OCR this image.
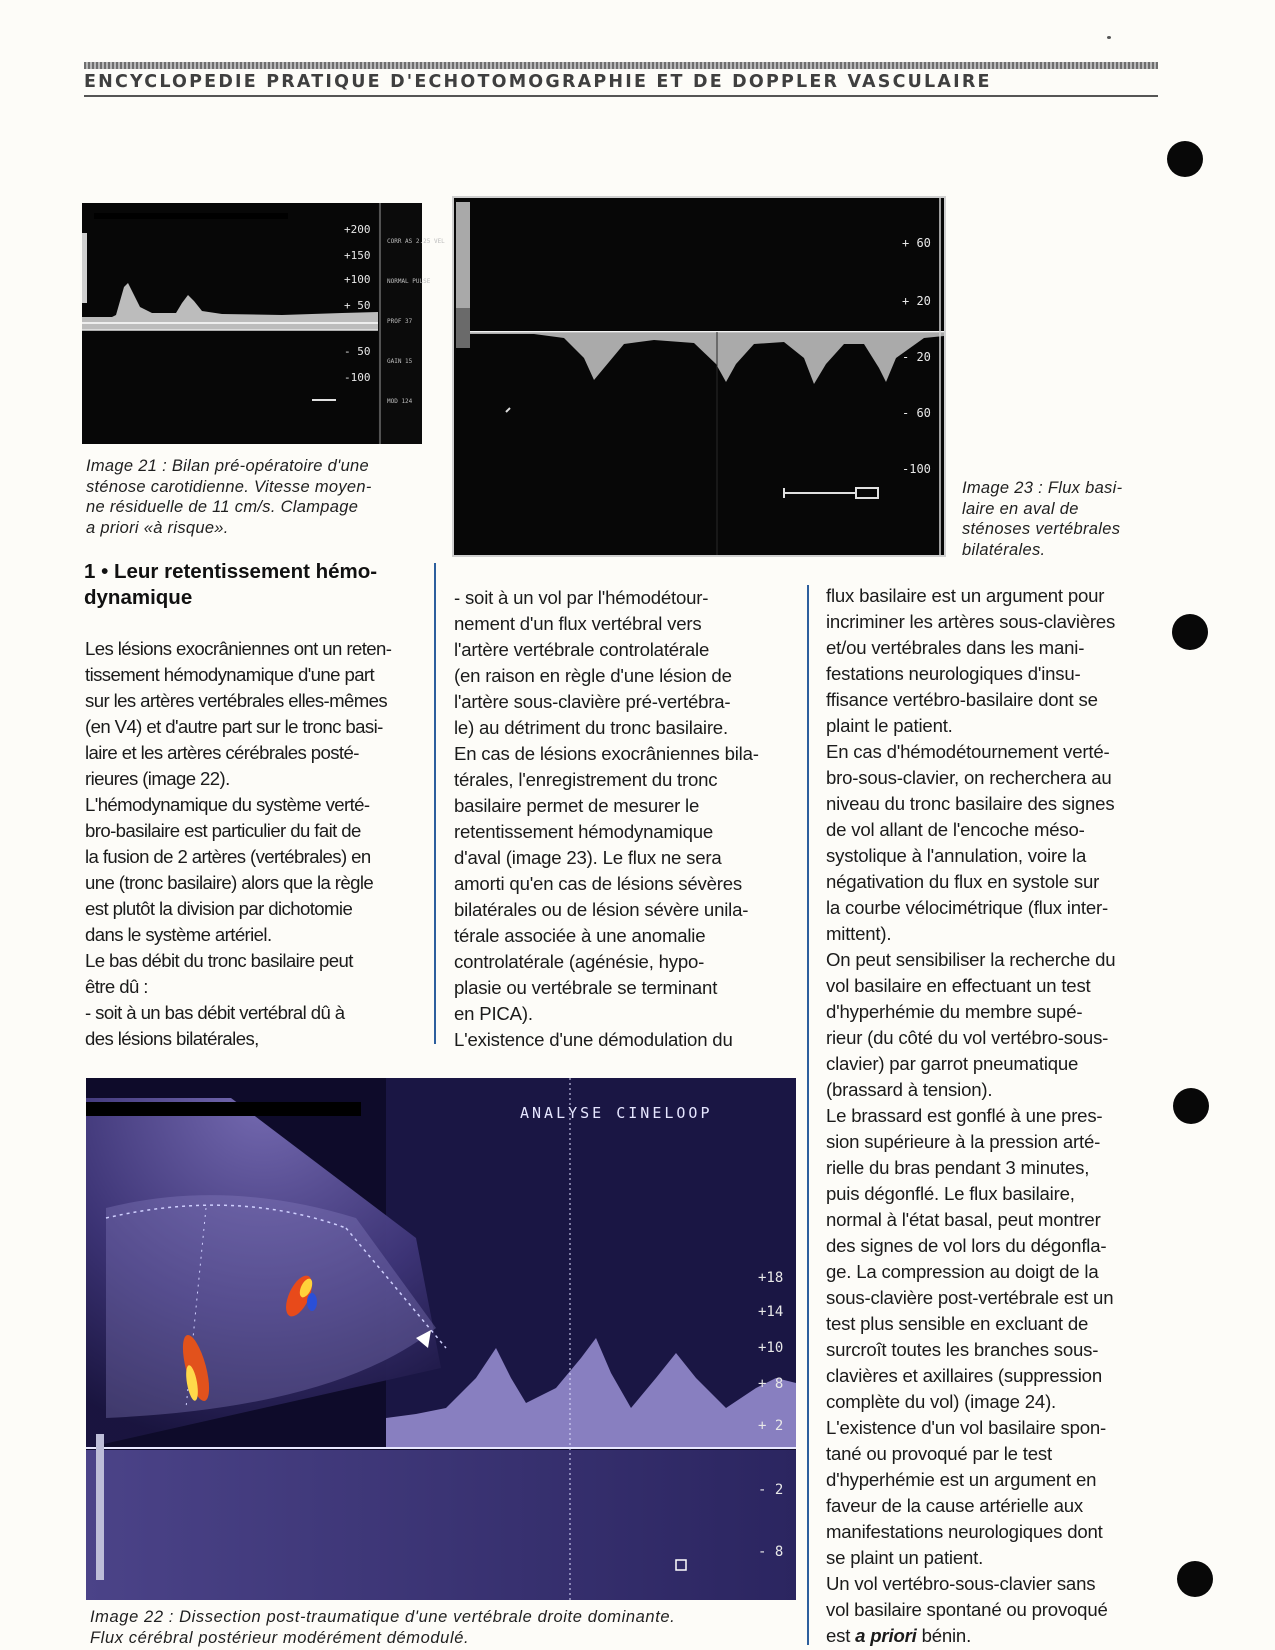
ENCYCLOPEDIE PRATIQUE D'ECHOTOMOGRAPHIE ET DE DOPPLER VASCULAIRE
CORR AS 2.25 VEL
NORMAL PULSE
PROF 37
GAIN 15
MOD 124
+200
+150
+100
+ 50
- 50
-100
Image 21 : Bilan pré-opératoire d'une
sténose carotidienne. Vitesse moyen-
ne résiduelle de 11 cm/s. Clampage
a priori «à risque».
+ 60
+ 20
- 20
- 60
-100
Image 23 : Flux basi-
laire en aval de
sténoses vertébrales
bilatérales.
1 • Leur retentissement hémo-
dynamique
Les lésions exocrâniennes ont un reten-
tissement hémodynamique d'une part
sur les artères vertébrales elles-mêmes
(en V4) et d'autre part sur le tronc basi-
laire et les artères cérébrales posté-
rieures (image 22).
L'hémodynamique du système verté-
bro-basilaire est particulier du fait de
la fusion de 2 artères (vertébrales) en
une (tronc basilaire) alors que la règle
est plutôt la division par dichotomie
dans le système artériel.
Le bas débit du tronc basilaire peut
être dû :
- soit à un bas débit vertébral dû à
des lésions bilatérales,
- soit à un vol par l'hémodétour-
nement d'un flux vertébral vers
l'artère vertébrale controlatérale
(en raison en règle d'une lésion de
l'artère sous-clavière pré-vertébra-
le) au détriment du tronc basilaire.
En cas de lésions exocrâniennes bila-
térales, l'enregistrement du tronc
basilaire permet de mesurer le
retentissement hémodynamique
d'aval (image 23). Le flux ne sera
amorti qu'en cas de lésions sévères
bilatérales ou de lésion sévère unila-
térale associée à une anomalie
controlatérale (agénésie, hypo-
plasie ou vertébrale se terminant
en PICA).
L'existence d'une démodulation du
flux basilaire est un argument pour
incriminer les artères sous-clavières
et/ou vertébrales dans les mani-
festations neurologiques d'insu-
ffisance vertébro-basilaire dont se
plaint le patient.
En cas d'hémodétournement verté-
bro-sous-clavier, on recherchera au
niveau du tronc basilaire des signes
de vol allant de l'encoche méso-
systolique à l'annulation, voire la
négativation du flux en systole sur
la courbe vélocimétrique (flux inter-
mittent).
On peut sensibiliser la recherche du
vol basilaire en effectuant un test
d'hyperhémie du membre supé-
rieur (du côté du vol vertébro-sous-
clavier) par garrot pneumatique
(brassard à tension).
Le brassard est gonflé à une pres-
sion supérieure à la pression arté-
rielle du bras pendant 3 minutes,
puis dégonflé. Le flux basilaire,
normal à l'état basal, peut montrer
des signes de vol lors du dégonfla-
ge. La compression au doigt de la
sous-clavière post-vertébrale est un
test plus sensible en excluant de
surcroît toutes les branches sous-
clavières et axillaires (suppression
complète du vol) (image 24).
L'existence d'un vol basilaire spon-
tané ou provoqué par le test
d'hyperhémie est un argument en
faveur de la cause artérielle aux
manifestations neurologiques dont
se plaint un patient.
Un vol vertébro-sous-clavier sans
vol basilaire spontané ou provoqué
est a priori bénin.
ANALYSE CINELOOP
+18
+14
+10
+ 8
+ 2
- 2
- 8
Image 22 : Dissection post-traumatique d'une vertébrale droite dominante.
Flux cérébral postérieur modérément démodulé.
